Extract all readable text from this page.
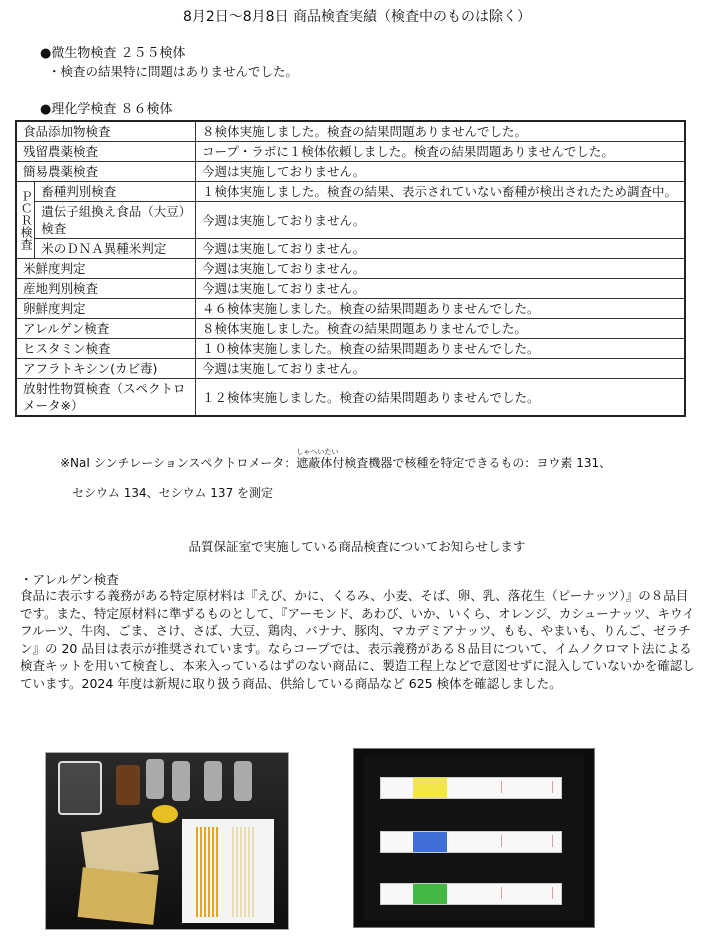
8月2日～8月8日 商品検査実績（検査中のものは除く）
●微生物検査 ２５５検体
・検査の結果特に問題はありませんでした。
●理化学検査 ８６検体
食品添加物検査		８検体実施しました。検査の結果問題ありませんでした。
残留農薬検査		コープ・ラボに１検体依頼しました。検査の結果問題ありませんでした。
簡易農薬検査		今週は実施しておりません。
ＰＣＲ検査	畜種判別検査	１検体実施しました。検査の結果、表示されていない畜種が検出されたため調査中。
	遺伝子組換え食品（大豆）検査	今週は実施しておりません。
	米のＤＮＡ異種米判定	今週は実施しておりません。
米鮮度判定		今週は実施しておりません。
産地判別検査		今週は実施しておりません。
卵鮮度判定		４６検体実施しました。検査の結果問題ありませんでした。
アレルゲン検査		８検体実施しました。検査の結果問題ありませんでした。
ヒスタミン検査		１０検体実施しました。検査の結果問題ありませんでした。
アフラトキシン(カビ毒)		今週は実施しておりません。
放射性物質検査（スペクトロメータ※）		１２検体実施しました。検査の結果問題ありませんでした。
※NaI シンチレーションスペクトロメータ：
しゃへいたい
遮蔽体付検査機器で核種を特定できるもの：ヨウ素 131、
セシウム 134、セシウム 137 を測定
品質保証室で実施している商品検査についてお知らせします
・アレルゲン検査
食品に表示する義務がある特定原材料は『えび、かに、くるみ、小麦、そば、卵、乳、落花生（ピーナッツ）』の８品目です。また、特定原材料に準ずるものとして、『アーモンド、あわび、いか、いくら、オレンジ、カシューナッツ、キウイフルーツ、牛肉、ごま、さけ、さば、大豆、鶏肉、バナナ、豚肉、マカデミアナッツ、もも、やまいも、りんご、ゼラチン』の 20 品目は表示が推奨されています。ならコープでは、表示義務がある８品目について、イムノクロマト法による検査キットを用いて検査し、本来入っているはずのない商品に、製造工程上などで意図せずに混入していないかを確認しています。2024 年度は新規に取り扱う商品、供給している商品など 625 検体を確認しました。
